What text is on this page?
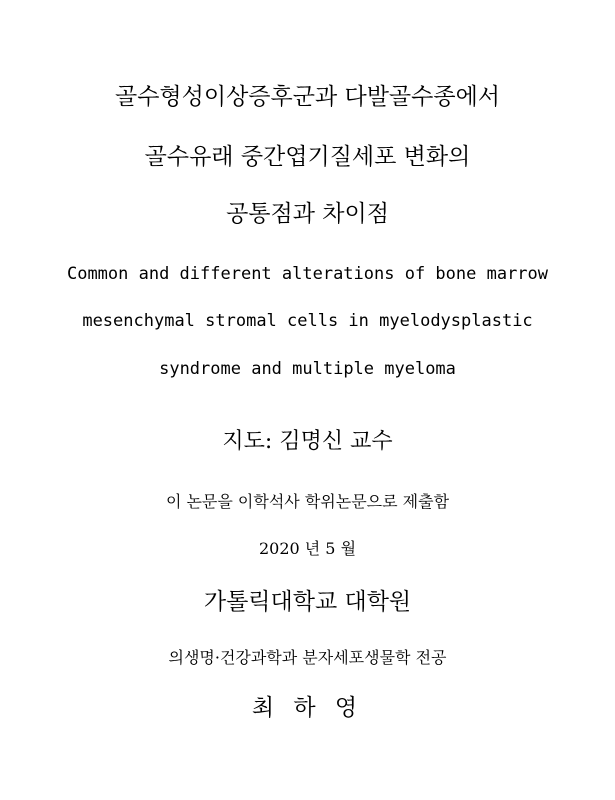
골수형성이상증후군과 다발골수종에서
골수유래 중간엽기질세포 변화의
공통점과 차이점
Common and different alterations of bone marrow
mesenchymal stromal cells in myelodysplastic
syndrome and multiple myeloma
지도: 김명신 교수
이 논문을 이학석사 학위논문으로 제출함
2020 년 5 월
가톨릭대학교 대학원
의생명·건강과학과 분자세포생물학 전공
최 하 영
